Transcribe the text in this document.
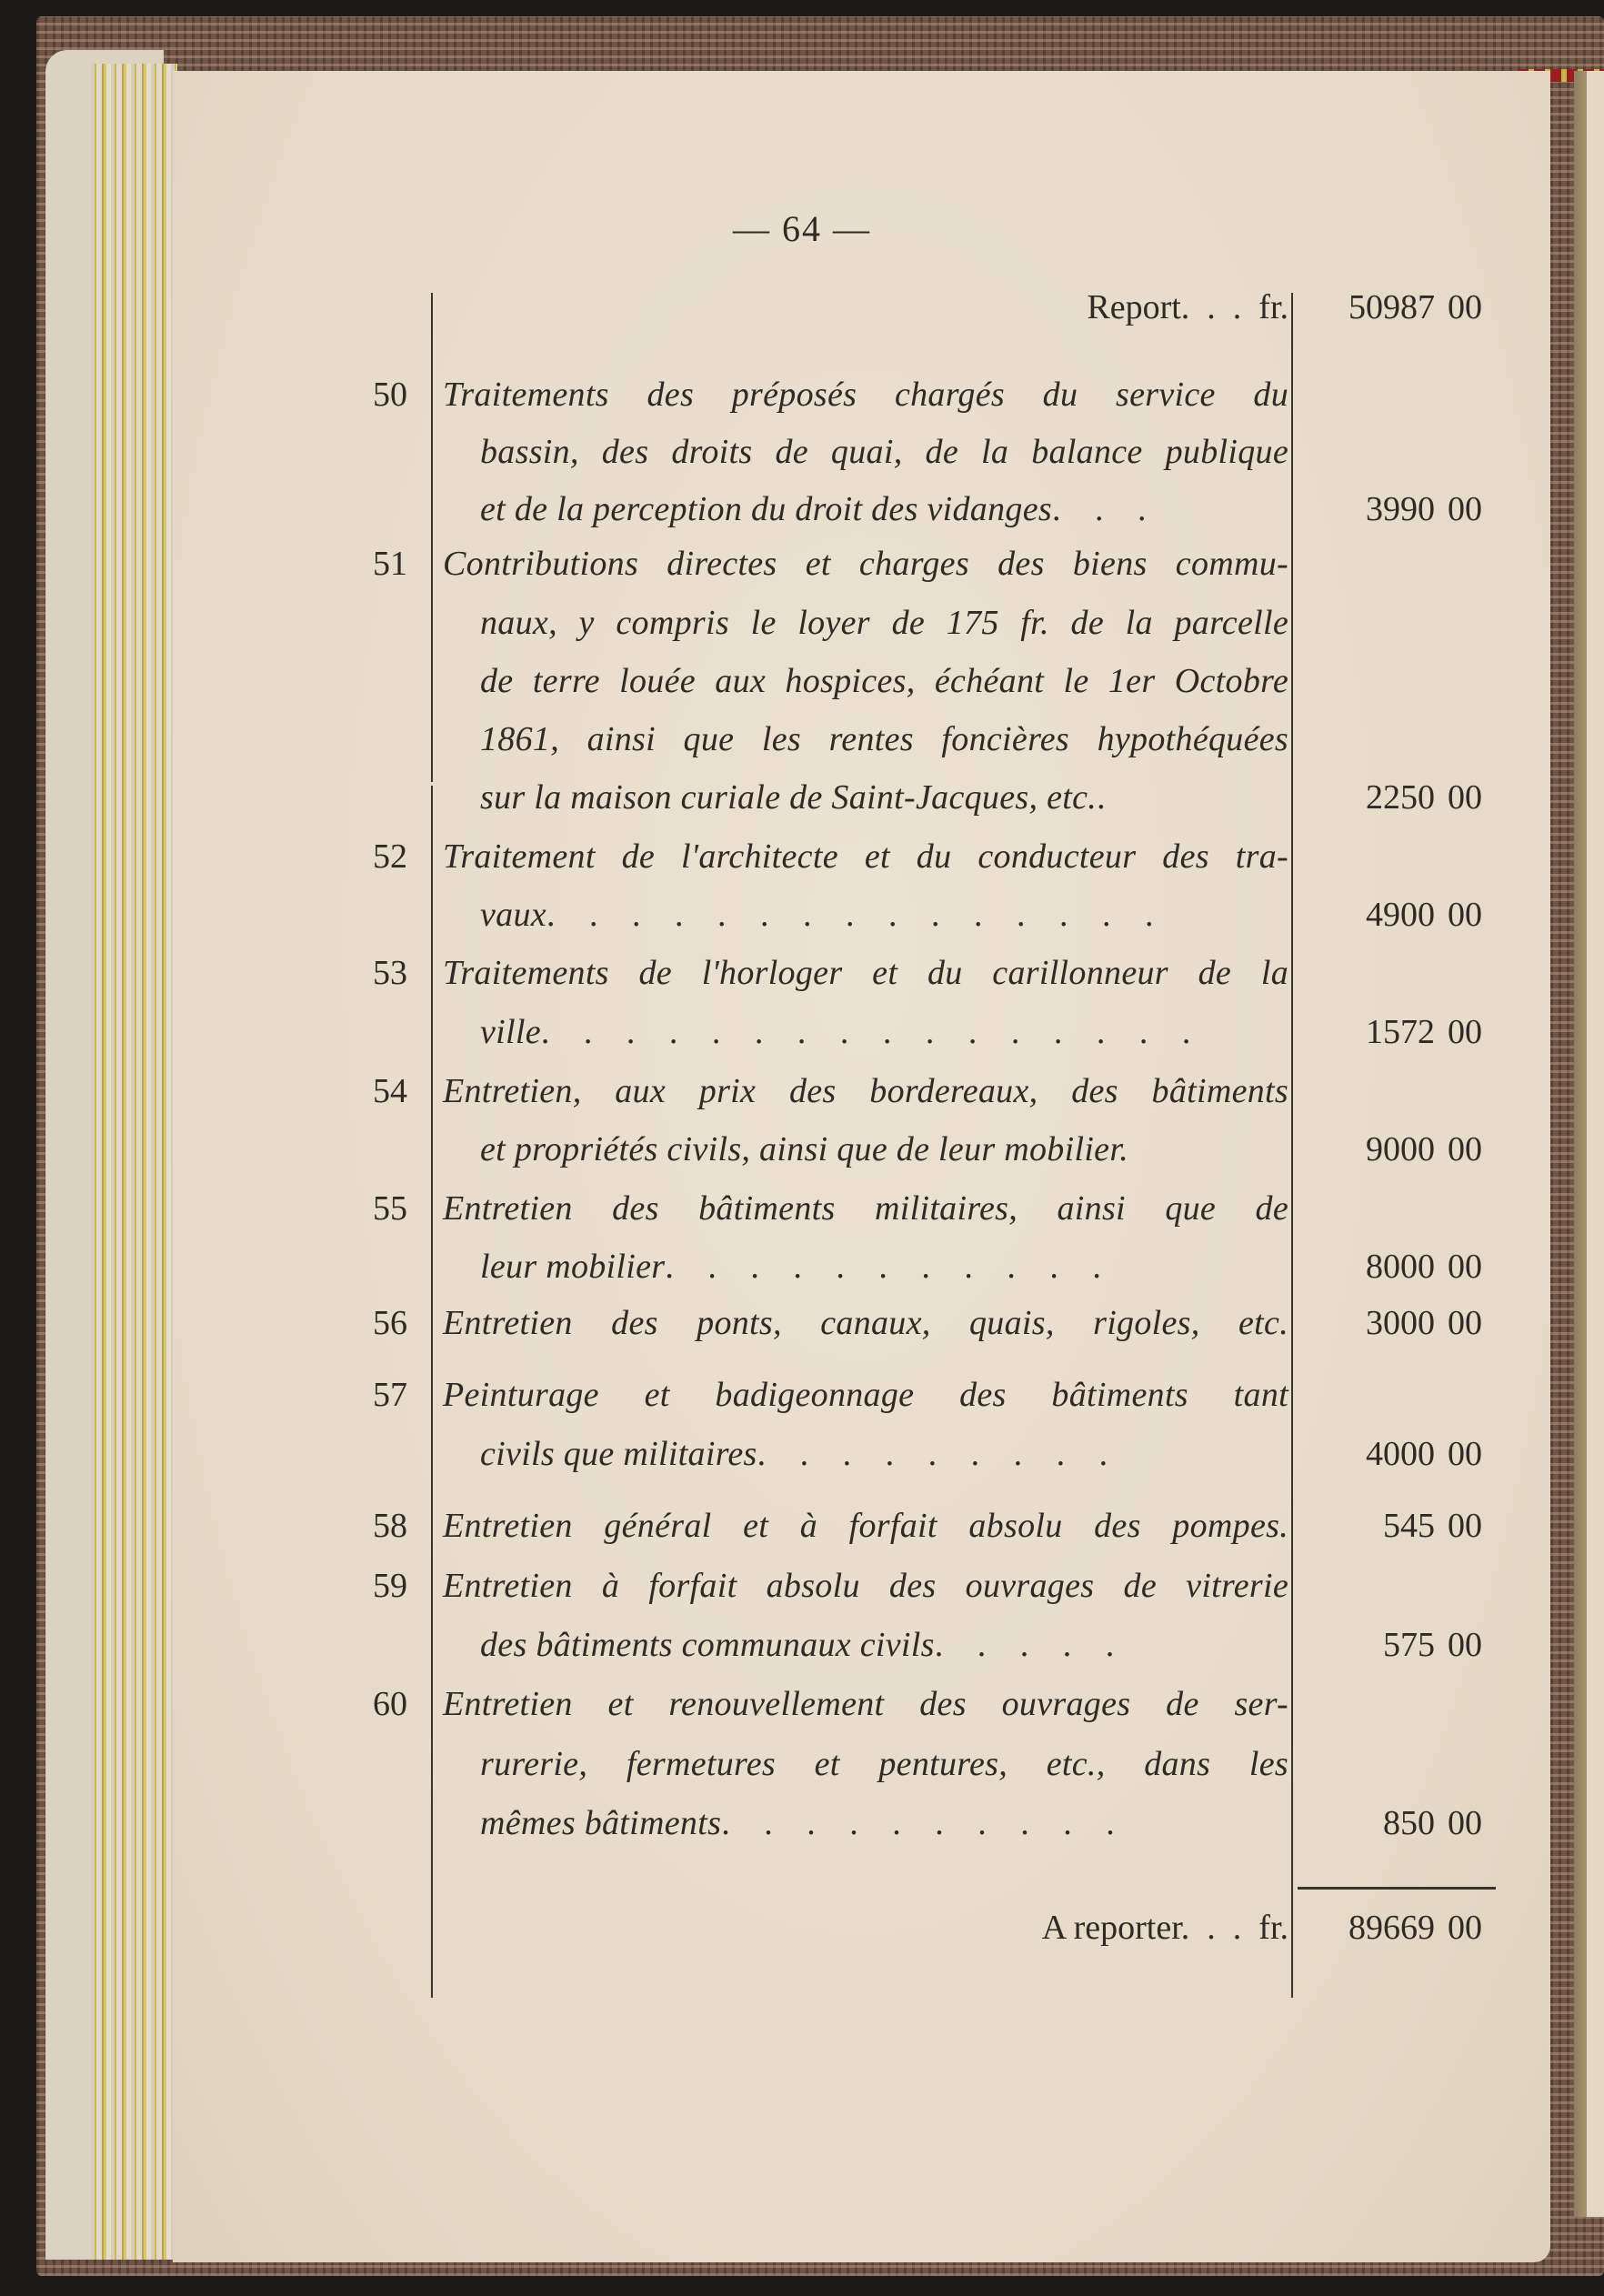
— 64 —
Report.  .  .  fr.	50987 00
50 Traitements des préposés chargés du service du
bassin, des droits de quai, de la balance publique
et de la perception du droit des vidanges . . .	3990 00
51 Contributions directes et charges des biens commu-
naux, y compris le loyer de 175 fr. de la parcelle
de terre louée aux hospices, échéant le 1er Octobre
1861, ainsi que les rentes foncières hypothéquées
sur la maison curiale de Saint-Jacques, etc. .	2250 00
52 Traitement de l'architecte et du conducteur des tra-
vaux . . . . . . . . . . . . . . .	4900 00
53 Traitements de l'horloger et du carillonneur de la
ville . . . . . . . . . . . . . . . .	1572 00
54 Entretien, aux prix des bordereaux, des bâtiments
et propriétés civils, ainsi que de leur mobilier.	9000 00
55 Entretien des bâtiments militaires, ainsi que de
leur mobilier . . . . . . . . . . .	8000 00
56 Entretien des ponts, canaux, quais, rigoles, etc.	3000 00
57 Peinturage et badigeonnage des bâtiments tant
civils que militaires . . . . . . . . .	4000 00
58 Entretien général et à forfait absolu des pompes.	545 00
59 Entretien à forfait absolu des ouvrages de vitrerie
des bâtiments communaux civils . . . . .	575 00
60 Entretien et renouvellement des ouvrages de ser-
rurerie, fermetures et pentures, etc., dans les
mêmes bâtiments . . . . . . . . . .	850 00
A reporter.  .  .  fr.	89669 00
